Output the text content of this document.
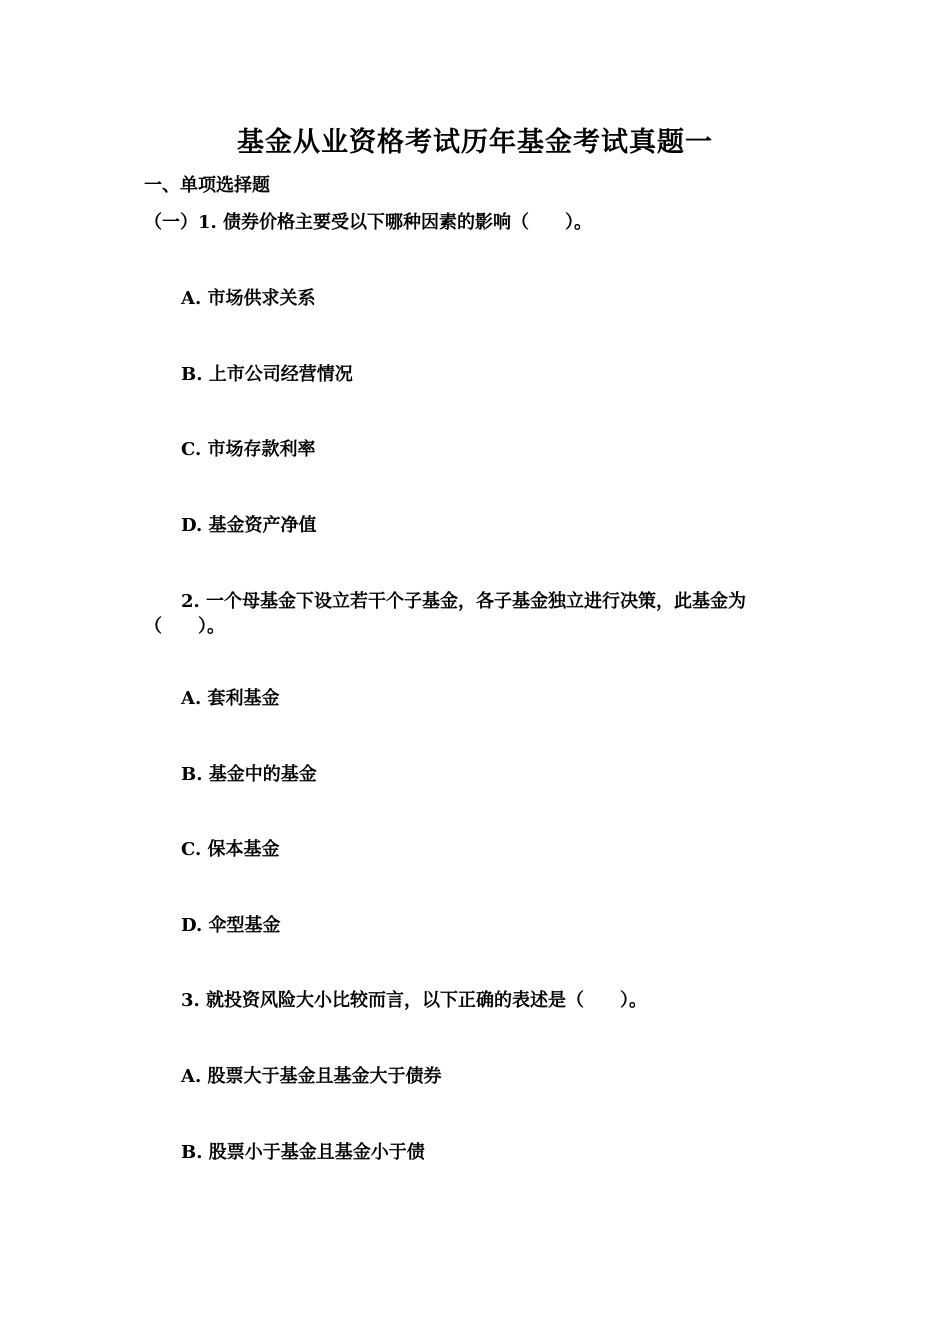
基金从业资格考试历年基金考试真题一
一、单项选择题
（一）1. 债券价格主要受以下哪种因素的影响（　　）。
A. 市场供求关系
B. 上市公司经营情况
C. 市场存款利率
D. 基金资产净值
2. 一个母基金下设立若干个子基金，各子基金独立进行决策，此基金为（　　）。
A. 套利基金
B. 基金中的基金
C. 保本基金
D. 伞型基金
3. 就投资风险大小比较而言，以下正确的表述是（　　）。
A. 股票大于基金且基金大于债券
B. 股票小于基金且基金小于债
